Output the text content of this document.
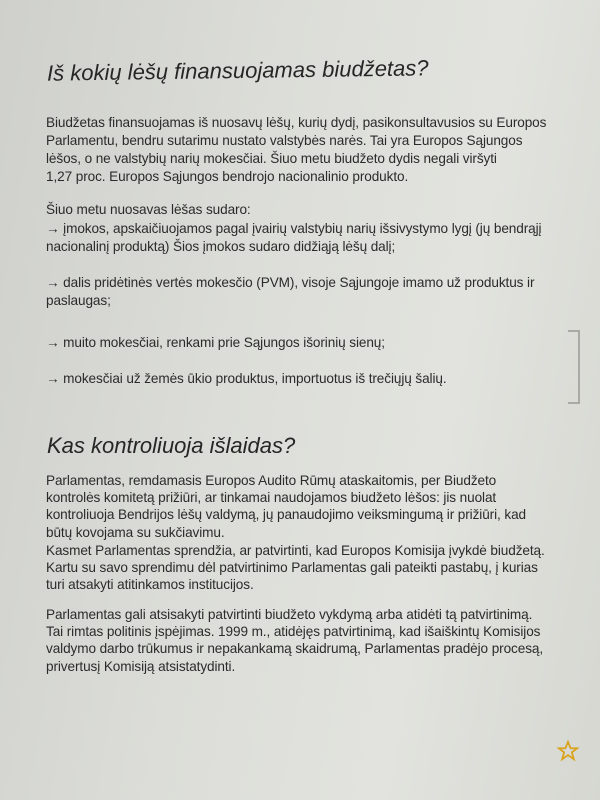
Iš kokių lėšų finansuojamas biudžetas?
Biudžetas finansuojamas iš nuosavų lėšų, kurių dydį, pasikonsultavusios su Europos
Parlamentu, bendru sutarimu nustato valstybės narės. Tai yra Europos Sąjungos
lėšos, o ne valstybių narių mokesčiai. Šiuo metu biudžeto dydis negali viršyti
1,27 proc. Europos Sąjungos bendrojo nacionalinio produkto.
Šiuo metu nuosavas lėšas sudaro:
→ įmokos, apskaičiuojamos pagal įvairių valstybių narių išsivystymo lygį (jų bendrąjį
nacionalinį produktą) Šios įmokos sudaro didžiąją lėšų dalį;
→ dalis pridėtinės vertės mokesčio (PVM), visoje Sąjungoje imamo už produktus ir
paslaugas;
→ muito mokesčiai, renkami prie Sąjungos išorinių sienų;
→ mokesčiai už žemės ūkio produktus, importuotus iš trečiųjų šalių.
Kas kontroliuoja išlaidas?
Parlamentas, remdamasis Europos Audito Rūmų ataskaitomis, per Biudžeto
kontrolės komitetą prižiūri, ar tinkamai naudojamos biudžeto lėšos: jis nuolat
kontroliuoja Bendrijos lėšų valdymą, jų panaudojimo veiksmingumą ir prižiūri, kad
būtų kovojama su sukčiavimu.
Kasmet Parlamentas sprendžia, ar patvirtinti, kad Europos Komisija įvykdė biudžetą.
Kartu su savo sprendimu dėl patvirtinimo Parlamentas gali pateikti pastabų, į kurias
turi atsakyti atitinkamos institucijos.
Parlamentas gali atsisakyti patvirtinti biudžeto vykdymą arba atidėti tą patvirtinimą.
Tai rimtas politinis įspėjimas. 1999 m., atidėjęs patvirtinimą, kad išaiškintų Komisijos
valdymo darbo trūkumus ir nepakankamą skaidrumą, Parlamentas pradėjo procesą,
privertusį Komisiją atsistatydinti.
